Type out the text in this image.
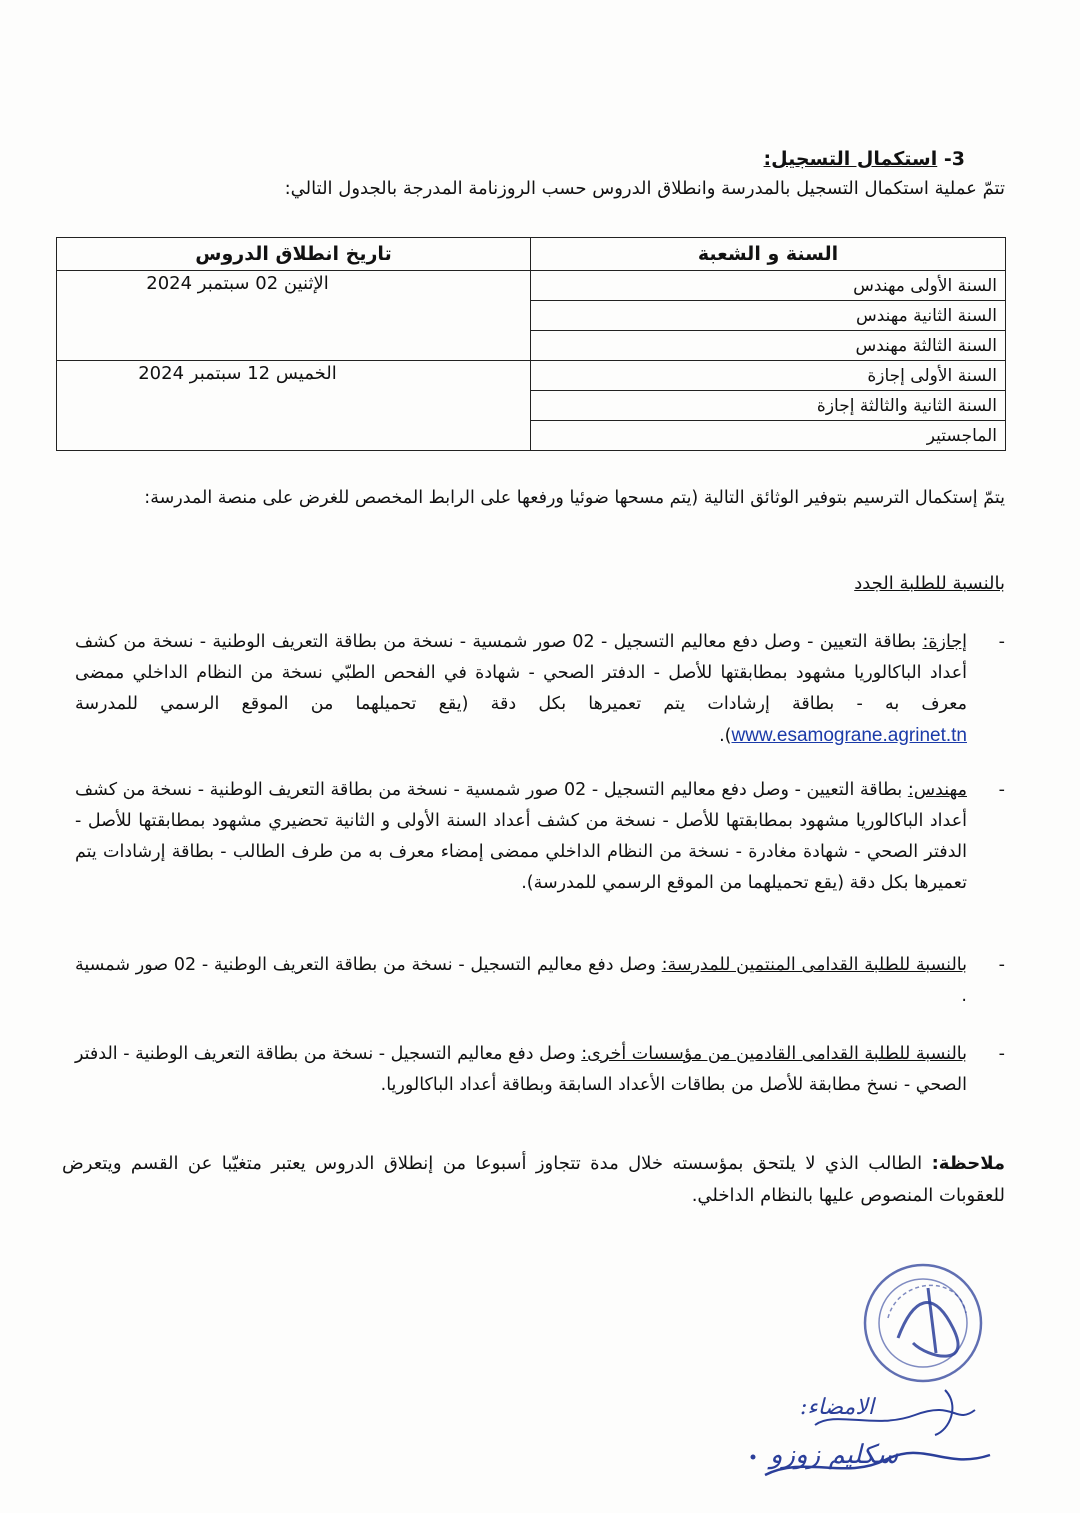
3- استكمال التسجيل:
تتمّ عملية استكمال التسجيل بالمدرسة وانطلاق الدروس حسب الروزنامة المدرجة بالجدول التالي:
السنة و الشعبة	تاريخ انطلاق الدروس
السنة الأولى مهندس	الإثنين 02 سبتمبر 2024
السنة الثانية مهندس	
السنة الثالثة مهندس	
السنة الأولى إجازة	الخميس 12 سبتمبر 2024
السنة الثانية والثالثة إجازة	
الماجستير	
يتمّ إستكمال الترسيم بتوفير الوثائق التالية (يتم مسحها ضوئيا ورفعها على الرابط المخصص للغرض على منصة المدرسة:
بالنسبة للطلبة الجدد
-
إجازة: بطاقة التعيين - وصل دفع معاليم التسجيل - 02 صور شمسية - نسخة من بطاقة التعريف الوطنية - نسخة من كشف أعداد الباكالوريا مشهود بمطابقتها للأصل - الدفتر الصحي - شهادة في الفحص الطبّي نسخة من النظام الداخلي ممضى معرف به - بطاقة إرشادات يتم تعميرها بكل دقة (يقع تحميلهما من الموقع الرسمي للمدرسة www.esamograne.agrinet.tn).
-
مهندس: بطاقة التعيين - وصل دفع معاليم التسجيل - 02 صور شمسية - نسخة من بطاقة التعريف الوطنية - نسخة من كشف أعداد الباكالوريا مشهود بمطابقتها للأصل - نسخة من كشف أعداد السنة الأولى و الثانية تحضيري مشهود بمطابقتها للأصل - الدفتر الصحي - شهادة مغادرة - نسخة من النظام الداخلي ممضى إمضاء معرف به من طرف الطالب - بطاقة إرشادات يتم تعميرها بكل دقة (يقع تحميلهما من الموقع الرسمي للمدرسة).
-
بالنسبة للطلبة القدامى المنتمين للمدرسة: وصل دفع معاليم التسجيل - نسخة من بطاقة التعريف الوطنية - 02 صور شمسية .
-
بالنسبة للطلبة القدامى القادمين من مؤسسات أخرى: وصل دفع معاليم التسجيل - نسخة من بطاقة التعريف الوطنية - الدفتر الصحي - نسخ مطابقة للأصل من بطاقات الأعداد السابقة وبطاقة أعداد الباكالوريا.
ملاحظة: الطالب الذي لا يلتحق بمؤسسته خلال مدة تتجاوز أسبوعا من إنطلاق الدروس يعتبر متغيّبا عن القسم ويتعرض للعقوبات المنصوص عليها بالنظام الداخلي.
الامضاء:
سكليم زوزو
